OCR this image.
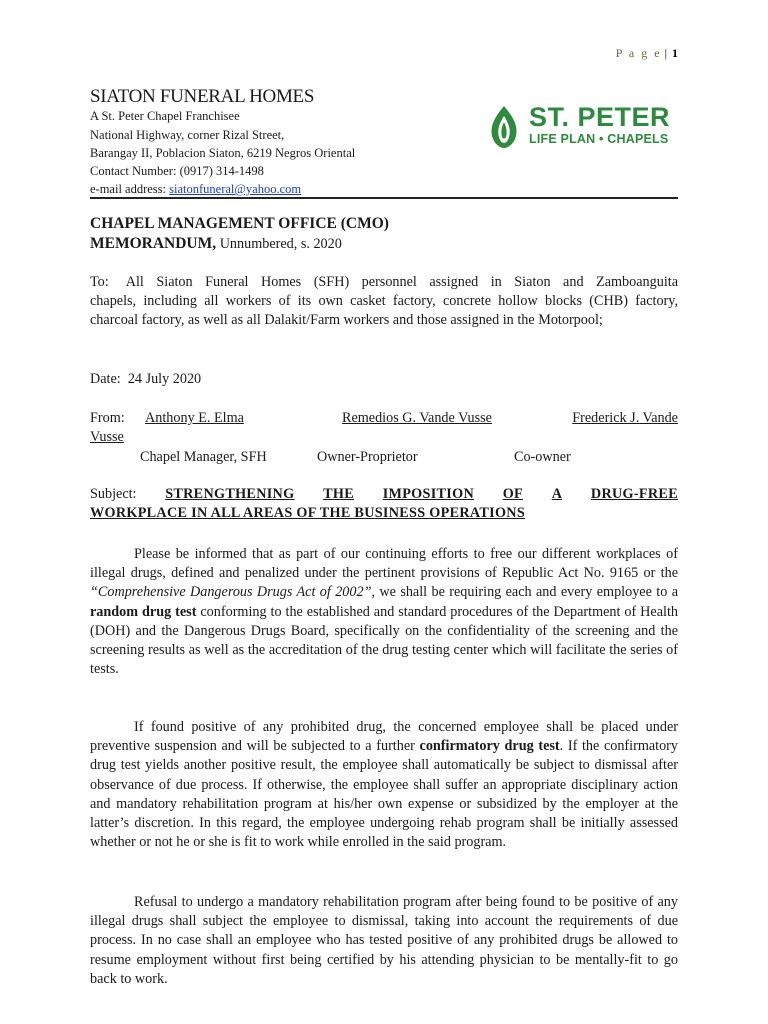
P a g e | 1
SIATON FUNERAL HOMES
A St. Peter Chapel Franchisee
National Highway, corner Rizal Street,
Barangay II, Poblacion Siaton, 6219 Negros Oriental
Contact Number: (0917) 314-1498
e-mail address: siatonfuneral@yahoo.com
ST. PETER
LIFE PLAN • CHAPELS
CHAPEL MANAGEMENT OFFICE (CMO)
MEMORANDUM, Unnumbered, s. 2020
To: All Siaton Funeral Homes (SFH) personnel assigned in Siaton and Zamboanguita
chapels, including all workers of its own casket factory, concrete hollow blocks (CHB) factory, charcoal factory, as well as all Dalakit/Farm workers and those assigned in the Motorpool;
Date: 24 July 2020
From: Anthony E. Elma	Remedios G. Vande Vusse	Frederick J. Vande
Vusse
Chapel Manager, SFH	Owner-Proprietor	Co-owner
Subject: STRENGTHENING THE IMPOSITION OF A DRUG-FREE
WORKPLACE IN ALL AREAS OF THE BUSINESS OPERATIONS
Please be informed that as part of our continuing efforts to free our different workplaces of illegal drugs, defined and penalized under the pertinent provisions of Republic Act No. 9165 or the “Comprehensive Dangerous Drugs Act of 2002”, we shall be requiring each and every employee to a random drug test conforming to the established and standard procedures of the Department of Health (DOH) and the Dangerous Drugs Board, specifically on the confidentiality of the screening and the screening results as well as the accreditation of the drug testing center which will facilitate the series of tests.
If found positive of any prohibited drug, the concerned employee shall be placed under preventive suspension and will be subjected to a further confirmatory drug test. If the confirmatory drug test yields another positive result, the employee shall automatically be subject to dismissal after observance of due process. If otherwise, the employee shall suffer an appropriate disciplinary action and mandatory rehabilitation program at his/her own expense or subsidized by the employer at the latter’s discretion. In this regard, the employee undergoing rehab program shall be initially assessed whether or not he or she is fit to work while enrolled in the said program.
Refusal to undergo a mandatory rehabilitation program after being found to be positive of any illegal drugs shall subject the employee to dismissal, taking into account the requirements of due process. In no case shall an employee who has tested positive of any prohibited drugs be allowed to resume employment without first being certified by his attending physician to be mentally-fit to go back to work.
